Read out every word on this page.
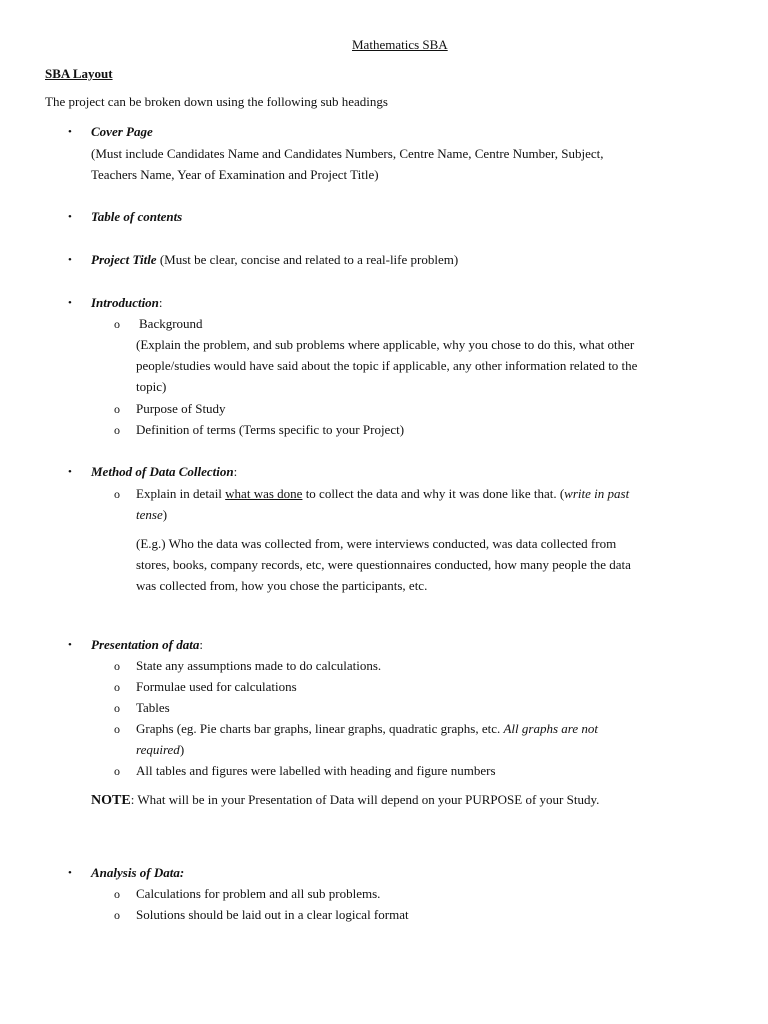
Mathematics SBA
SBA Layout
The project can be broken down using the following sub headings
• Cover Page
(Must include Candidates Name and Candidates Numbers, Centre Name, Centre Number, Subject,
Teachers Name, Year of Examination and Project Title)
• Table of contents
• Project Title (Must be clear, concise and related to a real-life problem)
• Introduction:
o Background
(Explain the problem, and sub problems where applicable, why you chose to do this, what other
people/studies would have said about the topic if applicable, any other information related to the
topic)
o Purpose of Study
o Definition of terms (Terms specific to your Project)
• Method of Data Collection:
o Explain in detail what was done to collect the data and why it was done like that. (write in past
tense)
(E.g.) Who the data was collected from, were interviews conducted, was data collected from
stores, books, company records, etc, were questionnaires conducted, how many people the data
was collected from, how you chose the participants, etc.
• Presentation of data:
o State any assumptions made to do calculations.
o Formulae used for calculations
o Tables
o Graphs (eg. Pie charts bar graphs, linear graphs, quadratic graphs, etc. All graphs are not
required)
o All tables and figures were labelled with heading and figure numbers
NOTE: What will be in your Presentation of Data will depend on your PURPOSE of your Study.
• Analysis of Data:
o Calculations for problem and all sub problems.
o Solutions should be laid out in a clear logical format
